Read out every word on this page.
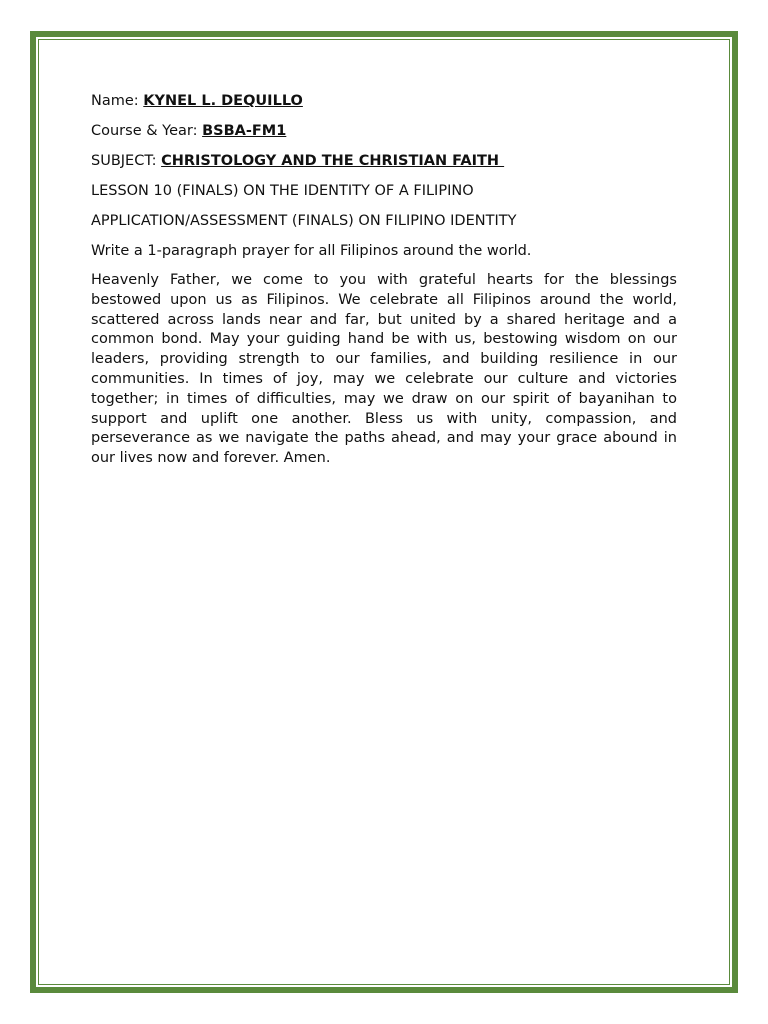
Name: KYNEL L. DEQUILLO

Course & Year: BSBA-FM1

SUBJECT: CHRISTOLOGY AND THE CHRISTIAN FAITH

LESSON 10 (FINALS) ON THE IDENTITY OF A FILIPINO

APPLICATION/ASSESSMENT (FINALS) ON FILIPINO IDENTITY

Write a 1-paragraph prayer for all Filipinos around the world.

Heavenly Father, we come to you with grateful hearts for the blessings bestowed upon us as Filipinos. We celebrate all Filipinos around the world, scattered across lands near and far, but united by a shared heritage and a common bond. May your guiding hand be with us, bestowing wisdom on our leaders, providing strength to our families, and building resilience in our communities. In times of joy, may we celebrate our culture and victories together; in times of difficulties, may we draw on our spirit of bayanihan to support and uplift one another. Bless us with unity, compassion, and perseverance as we navigate the paths ahead, and may your grace abound in our lives now and forever. Amen.
